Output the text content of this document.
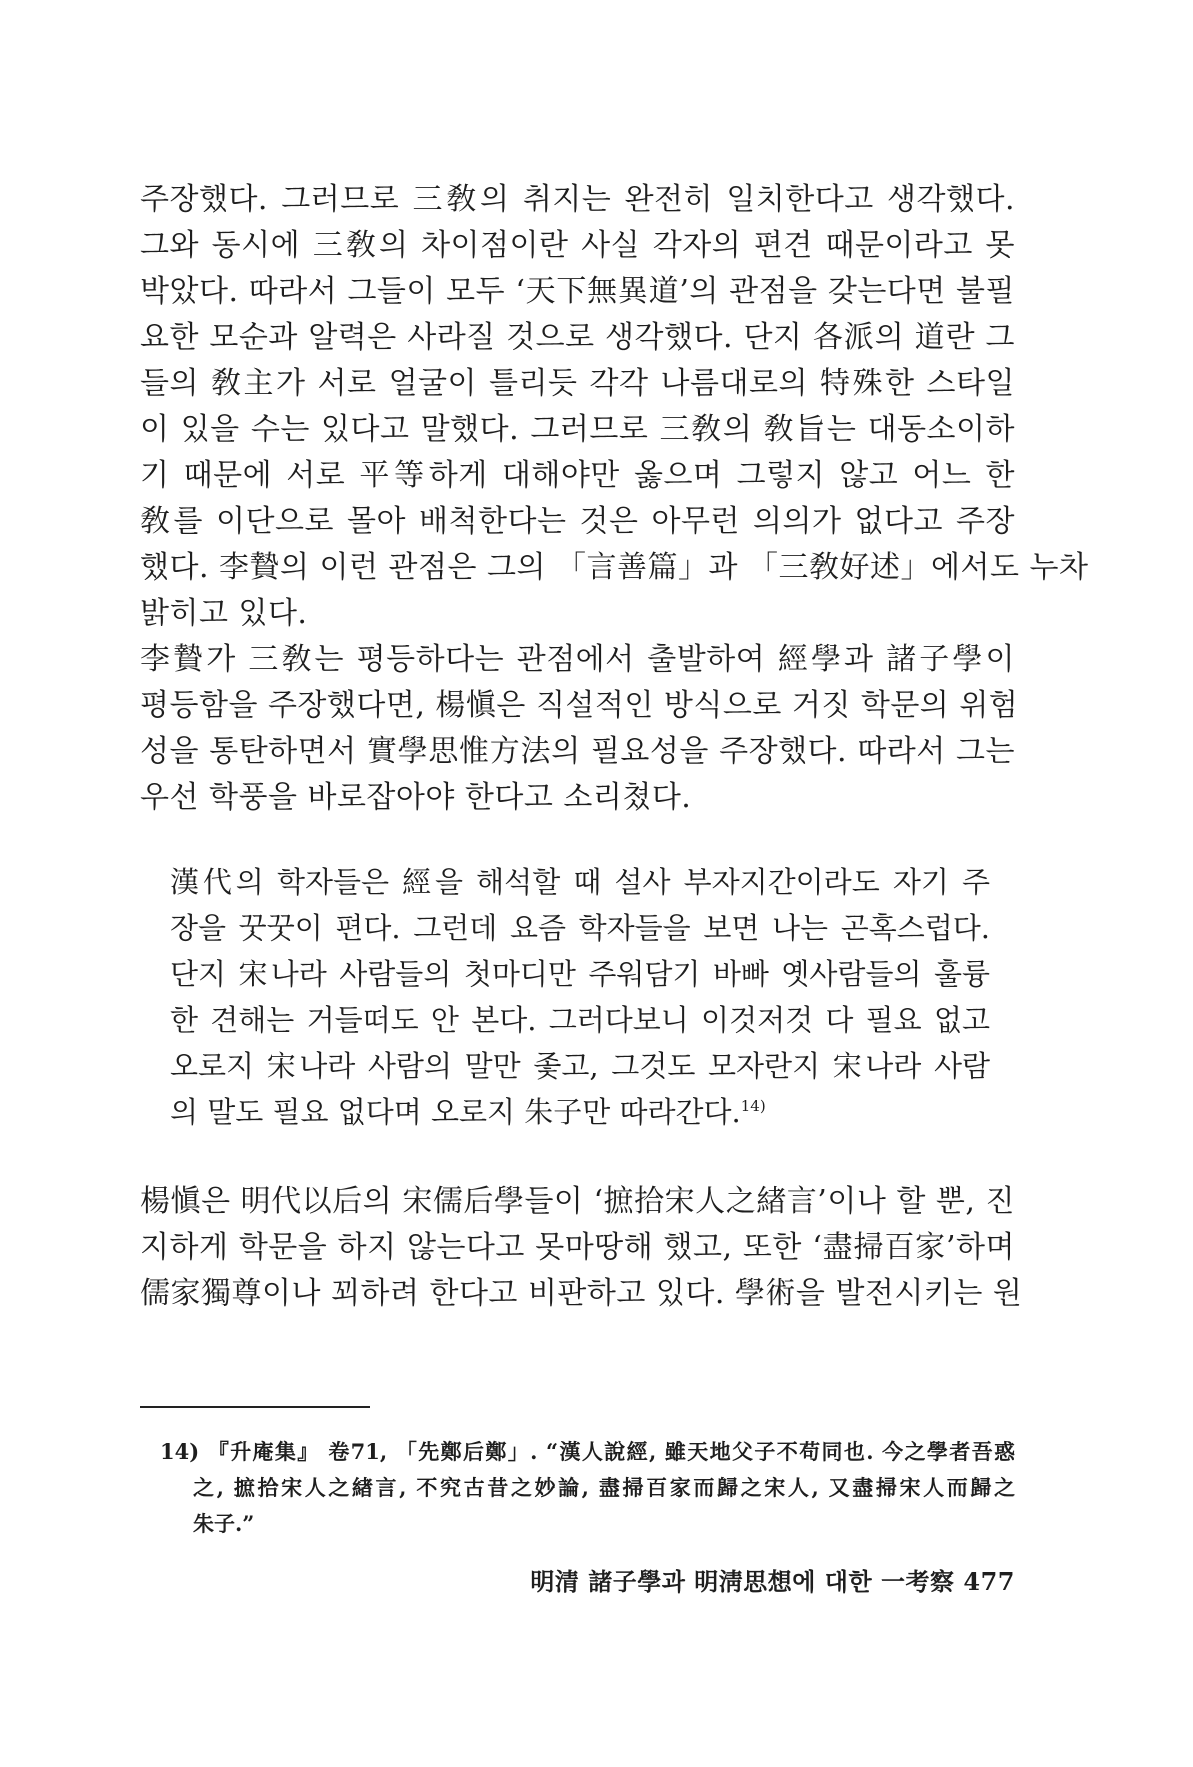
주장했다. 그러므로 三敎의 취지는 완전히 일치한다고 생각했다.
그와 동시에 三敎의 차이점이란 사실 각자의 편견 때문이라고 못
박았다. 따라서 그들이 모두 ‘天下無異道’의 관점을 갖는다면 불필
요한 모순과 알력은 사라질 것으로 생각했다. 단지 各派의 道란 그
들의 敎主가 서로 얼굴이 틀리듯 각각 나름대로의 特殊한 스타일
이 있을 수는 있다고 말했다. 그러므로 三敎의 敎旨는 대동소이하
기 때문에 서로 平等하게 대해야만 옳으며 그렇지 않고 어느 한
敎를 이단으로 몰아 배척한다는 것은 아무런 의의가 없다고 주장
했다. 李贄의 이런 관점은 그의 「言善篇」과 「三敎好述」에서도 누차
밝히고 있다.
李贄가 三敎는 평등하다는 관점에서 출발하여 經學과 諸子學이
평등함을 주장했다면, 楊愼은 직설적인 방식으로 거짓 학문의 위험
성을 통탄하면서 實學思惟方法의 필요성을 주장했다. 따라서 그는
우선 학풍을 바로잡아야 한다고 소리쳤다.
漢代의 학자들은 經을 해석할 때 설사 부자지간이라도 자기 주
장을 꿋꿋이 편다. 그런데 요즘 학자들을 보면 나는 곤혹스럽다.
단지 宋나라 사람들의 첫마디만 주워담기 바빠 옛사람들의 훌륭
한 견해는 거들떠도 안 본다. 그러다보니 이것저것 다 필요 없고
오로지 宋나라 사람의 말만 좇고, 그것도 모자란지 宋나라 사람
의 말도 필요 없다며 오로지 朱子만 따라간다.$^{14)}$
楊愼은 明代以后의 宋儒后學들이 ‘摭拾宋人之緖言’이나 할 뿐, 진
지하게 학문을 하지 않는다고 못마땅해 했고, 또한 ‘盡掃百家’하며
儒家獨尊이나 꾀하려 한다고 비판하고 있다. 學術을 발전시키는 원
14) 『升庵集』 卷71, 「先鄭后鄭」. “漢人說經, 雖天地父子不苟同也. 今之學者吾惑
之, 摭拾宋人之緖言, 不究古昔之妙論, 盡掃百家而歸之宋人, 又盡掃宋人而歸之
朱子.”
明清 諸子學과 明淸思想에 대한 一考察 477
